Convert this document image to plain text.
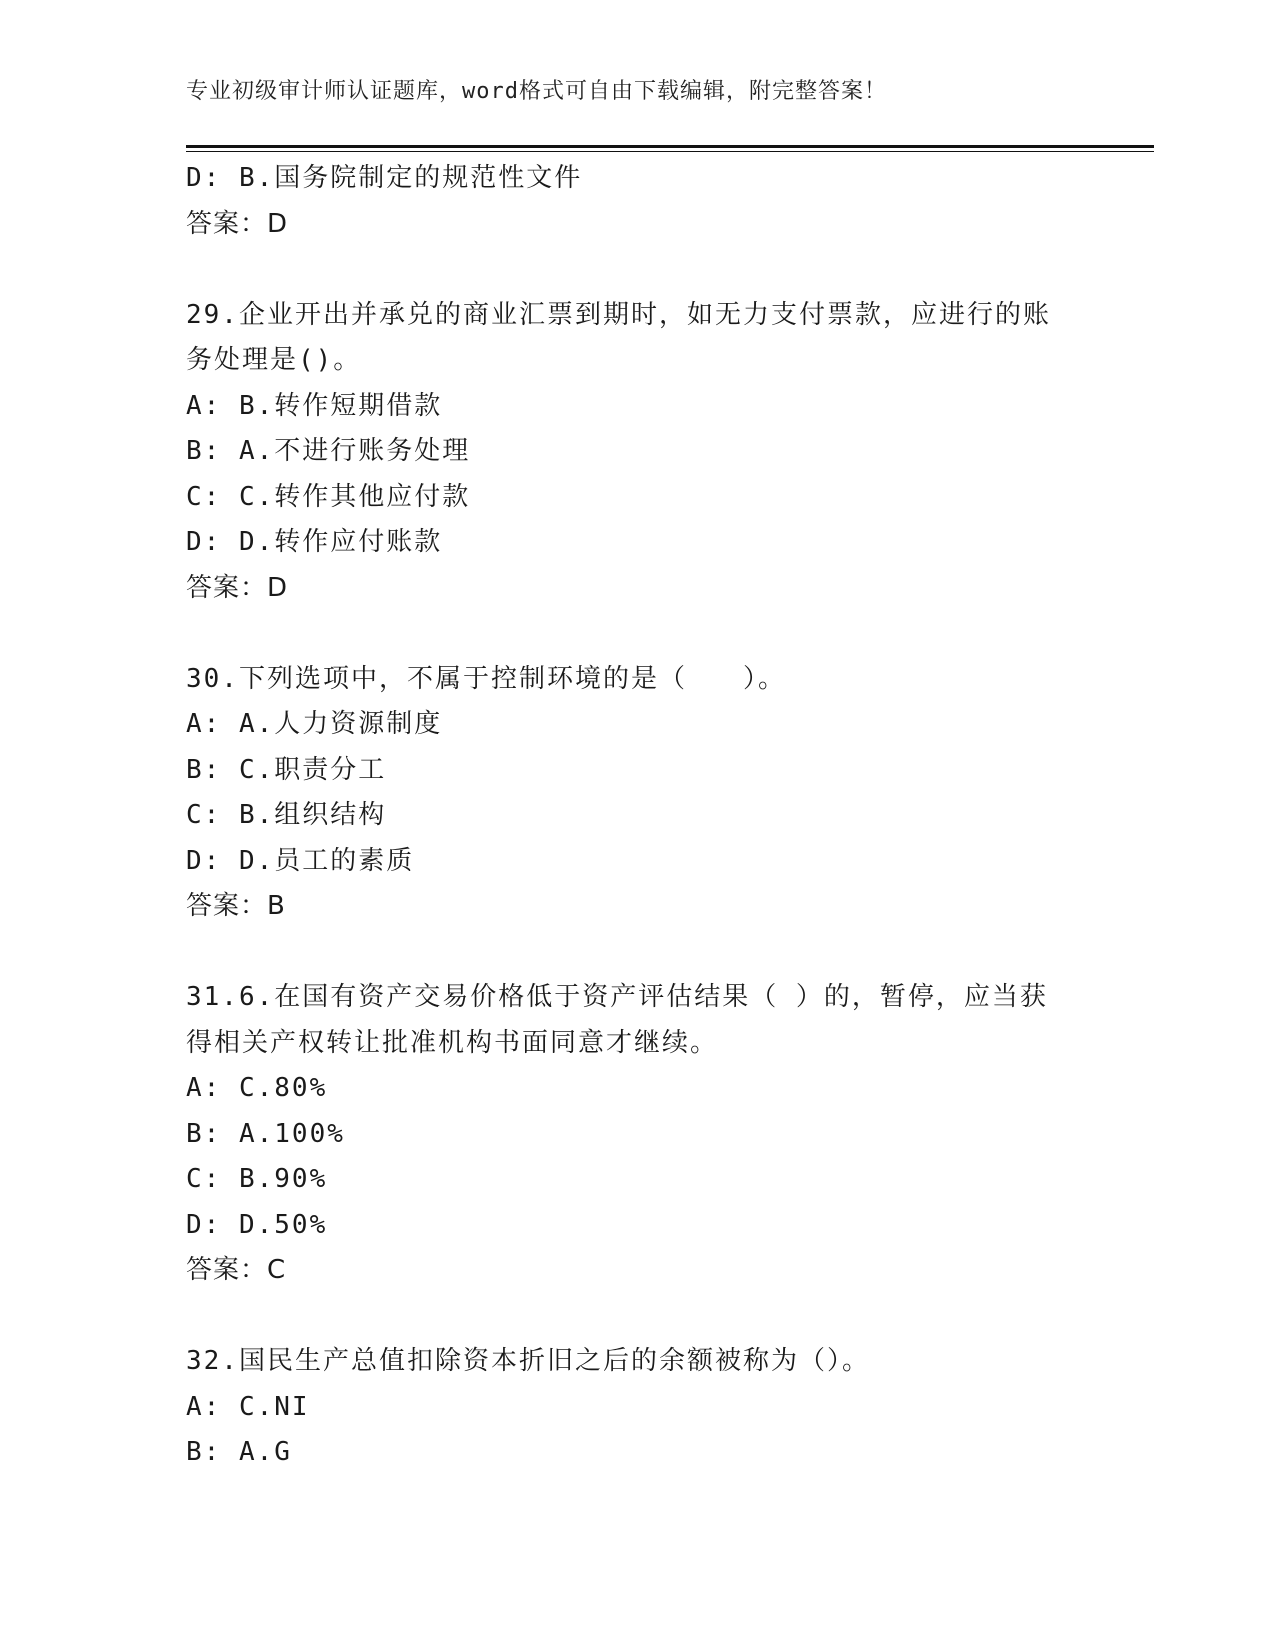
专业初级审计师认证题库，word格式可自由下载编辑，附完整答案！
D: B.国务院制定的规范性文件
答案：D
29.企业开出并承兑的商业汇票到期时，如无力支付票款，应进行的账
务处理是()。
A: B.转作短期借款
B: A.不进行账务处理
C: C.转作其他应付款
D: D.转作应付账款
答案：D
30.下列选项中，不属于控制环境的是（　　）。
A: A.人力资源制度
B: C.职责分工
C: B.组织结构
D: D.员工的素质
答案：B
31.6.在国有资产交易价格低于资产评估结果（ ）的，暂停，应当获
得相关产权转让批准机构书面同意才继续。
A: C.80%
B: A.100%
C: B.90%
D: D.50%
答案：C
32.国民生产总值扣除资本折旧之后的余额被称为（）。
A: C.NI
B: A.G
